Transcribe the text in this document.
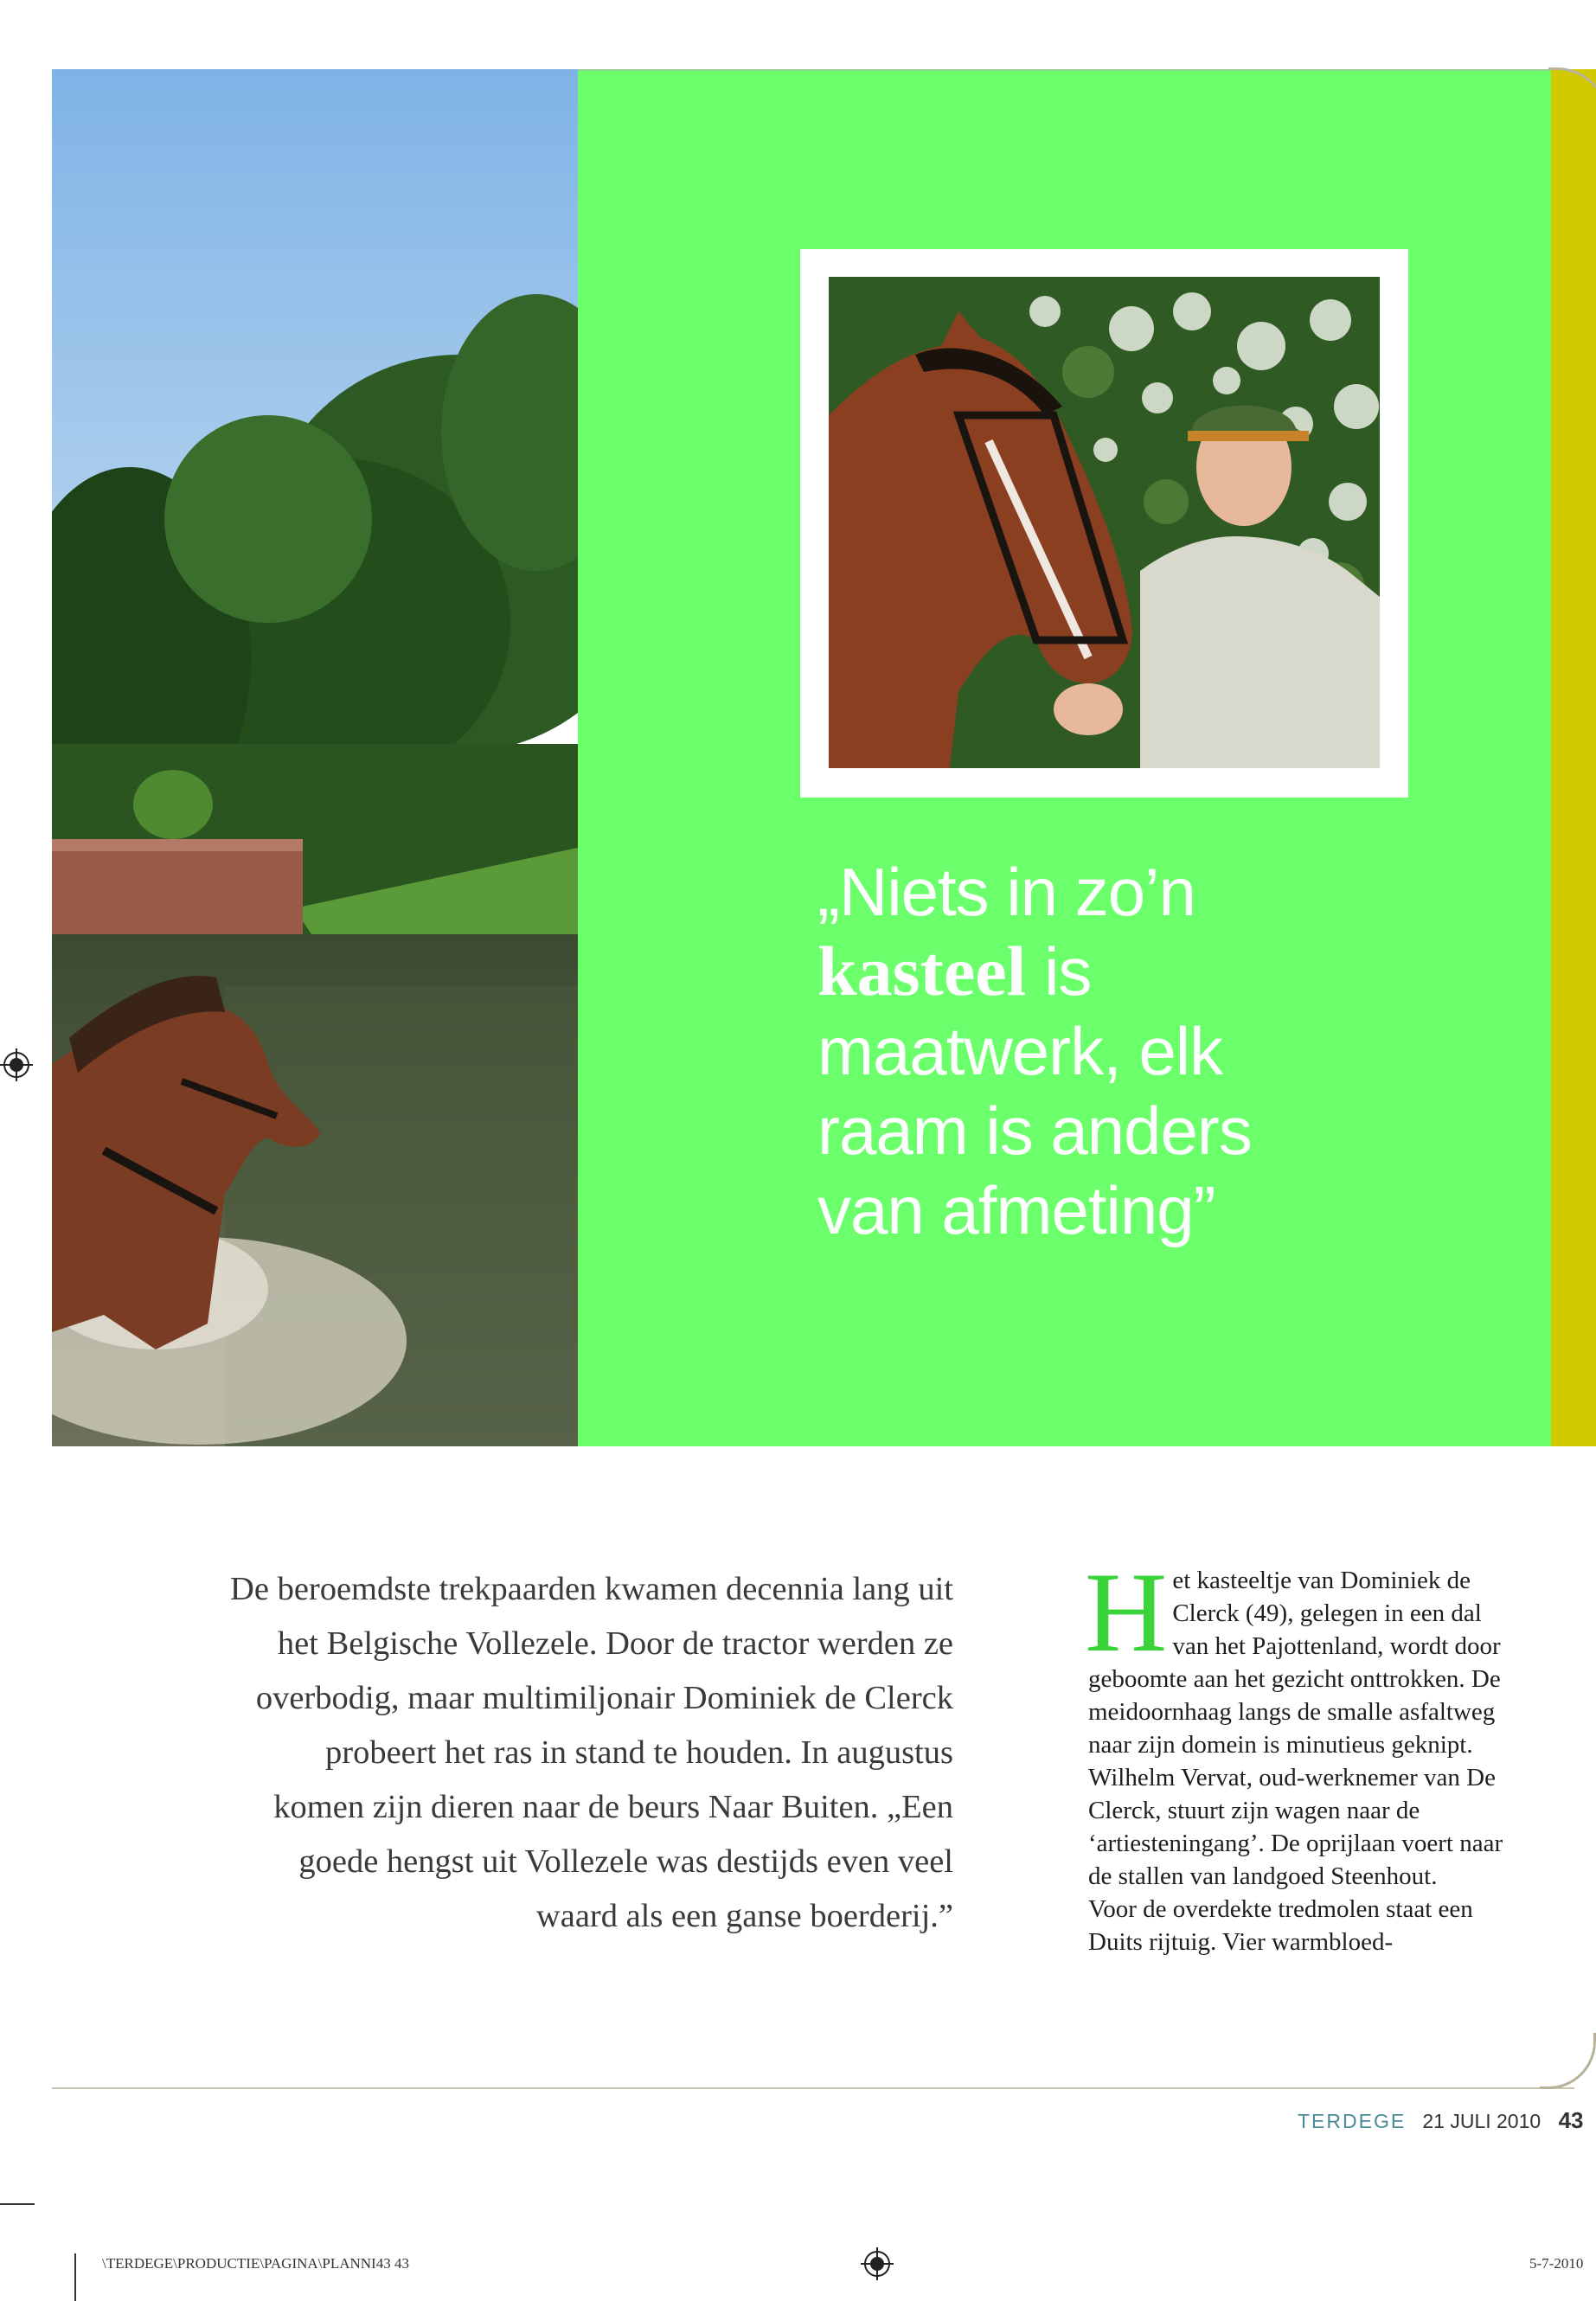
„Niets in zo’n
kasteel is
maatwerk, elk
raam is anders
van afmeting”
De beroemdste trekpaarden kwamen decennia lang uit het Belgische Vollezele. Door de tractor werden ze overbodig, maar multimiljonair Dominiek de Clerck probeert het ras in stand te houden. In augustus komen zijn dieren naar de beurs Naar Buiten. „Een goede hengst uit Vollezele was destijds even veel waard als een ganse boerderij.”
H et kasteeltje van Dominiek de Clerck (49), gelegen in een dal van het Pajottenland, wordt door geboomte aan het gezicht onttrokken. De meidoornhaag langs de smalle asfaltweg naar zijn domein is minutieus geknipt. Wilhelm Vervat, oud-werknemer van De Clerck, stuurt zijn wagen naar de ‘artiesteningang’. De oprijlaan voert naar de stallen van landgoed Steenhout.

Voor de overdekte tredmolen staat een Duits rijtuig. Vier warmbloed-

TERDEGE 21 JULI 2010 43
\TERDEGE\PRODUCTIE\PAGINA\PLANNI43 43	5-7-2010
